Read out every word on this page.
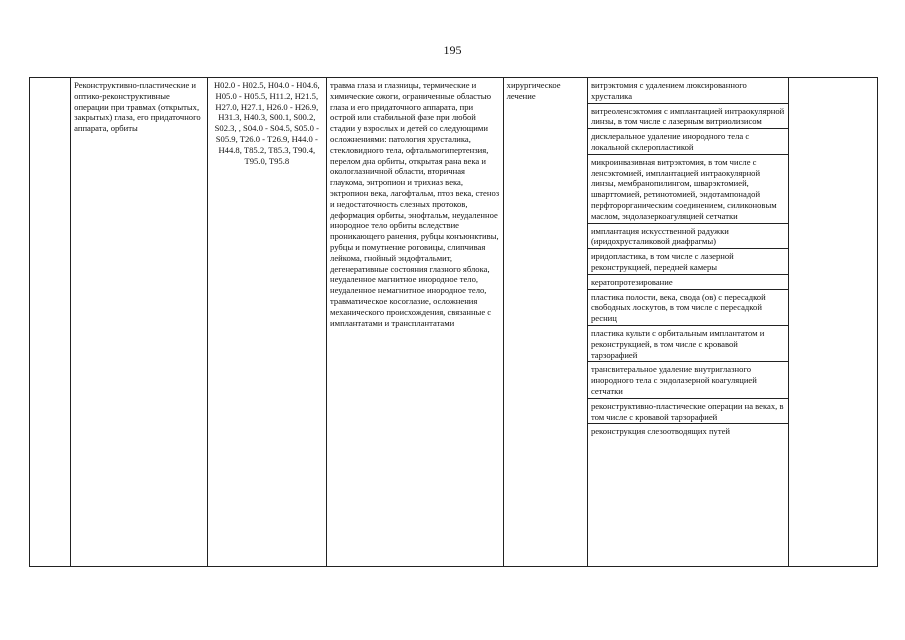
195

Реконструктивно-пластические и оптико-реконструктивные операции при травмах (открытых, закрытых) глаза, его придаточного аппарата, орбиты

H02.0 - H02.5, H04.0 - H04.6, H05.0 - H05.5, H11.2, H21.5, H27.0, H27.1, H26.0 - H26.9, H31.3, H40.3, S00.1, S00.2, S02.3, , S04.0 - S04.5, S05.0 - S05.9, T26.0 - T26.9, H44.0 - H44.8, T85.2, T85.3, T90.4, T95.0, T95.8

травма глаза и глазницы, термические и химические ожоги, ограниченные областью глаза и его придаточного аппарата, при острой или стабильной фазе при любой стадии у взрослых и детей со следующими осложнениями: патология хрусталика, стекловидного тела, офтальмогипертензия, перелом дна орбиты, открытая рана века и окологлазничной области, вторичная глаукома, энтропион и трихиаз века, эктропион века, лагофтальм, птоз века, стеноз и недостаточность слезных протоков, деформация орбиты, энофтальм, неудаленное инородное тело орбиты вследствие проникающего ранения, рубцы конъюнктивы, рубцы и помутнение роговицы, слипчивая лейкома, гнойный эндофтальмит, дегенеративные состояния глазного яблока, неудаленное магнитное инородное тело, неудаленное немагнитное инородное тело, травматическое косоглазие, осложнения механического происхождения, связанные с имплантатами и трансплантатами

хирургическое лечение

витрэктомия с удалением люксированного хрусталика
витреоленсэктомия с имплантацией интраокулярной линзы, в том числе с лазерным витриолизисом
дисклеральное удаление инородного тела с локальной склеропластикой
микроинвазивная витрэктомия, в том числе с ленсэктомией, имплантацией интраокулярной линзы, мембранопилингом, шварэктомией, шварттомией, ретинотомией, эндотампонадой перфторорганическим соединением, силиконовым маслом, эндолазеркоагуляцией сетчатки
имплантация искусственной радужки (иридохрусталиковой диафрагмы)
иридопластика, в том числе с лазерной реконструкцией, передней камеры
кератопротезирование
пластика полости, века, свода (ов) с пересадкой свободных лоскутов, в том числе с пересадкой ресниц
пластика культи с орбитальным имплантатом и реконструкцией, в том числе с кровавой тарзорафией
трансвитеральное удаление внутриглазного инородного тела с эндолазерной коагуляцией сетчатки
реконструктивно-пластические операции на веках, в том числе с кровавой тарзорафией
реконструкция слезоотводящих путей
